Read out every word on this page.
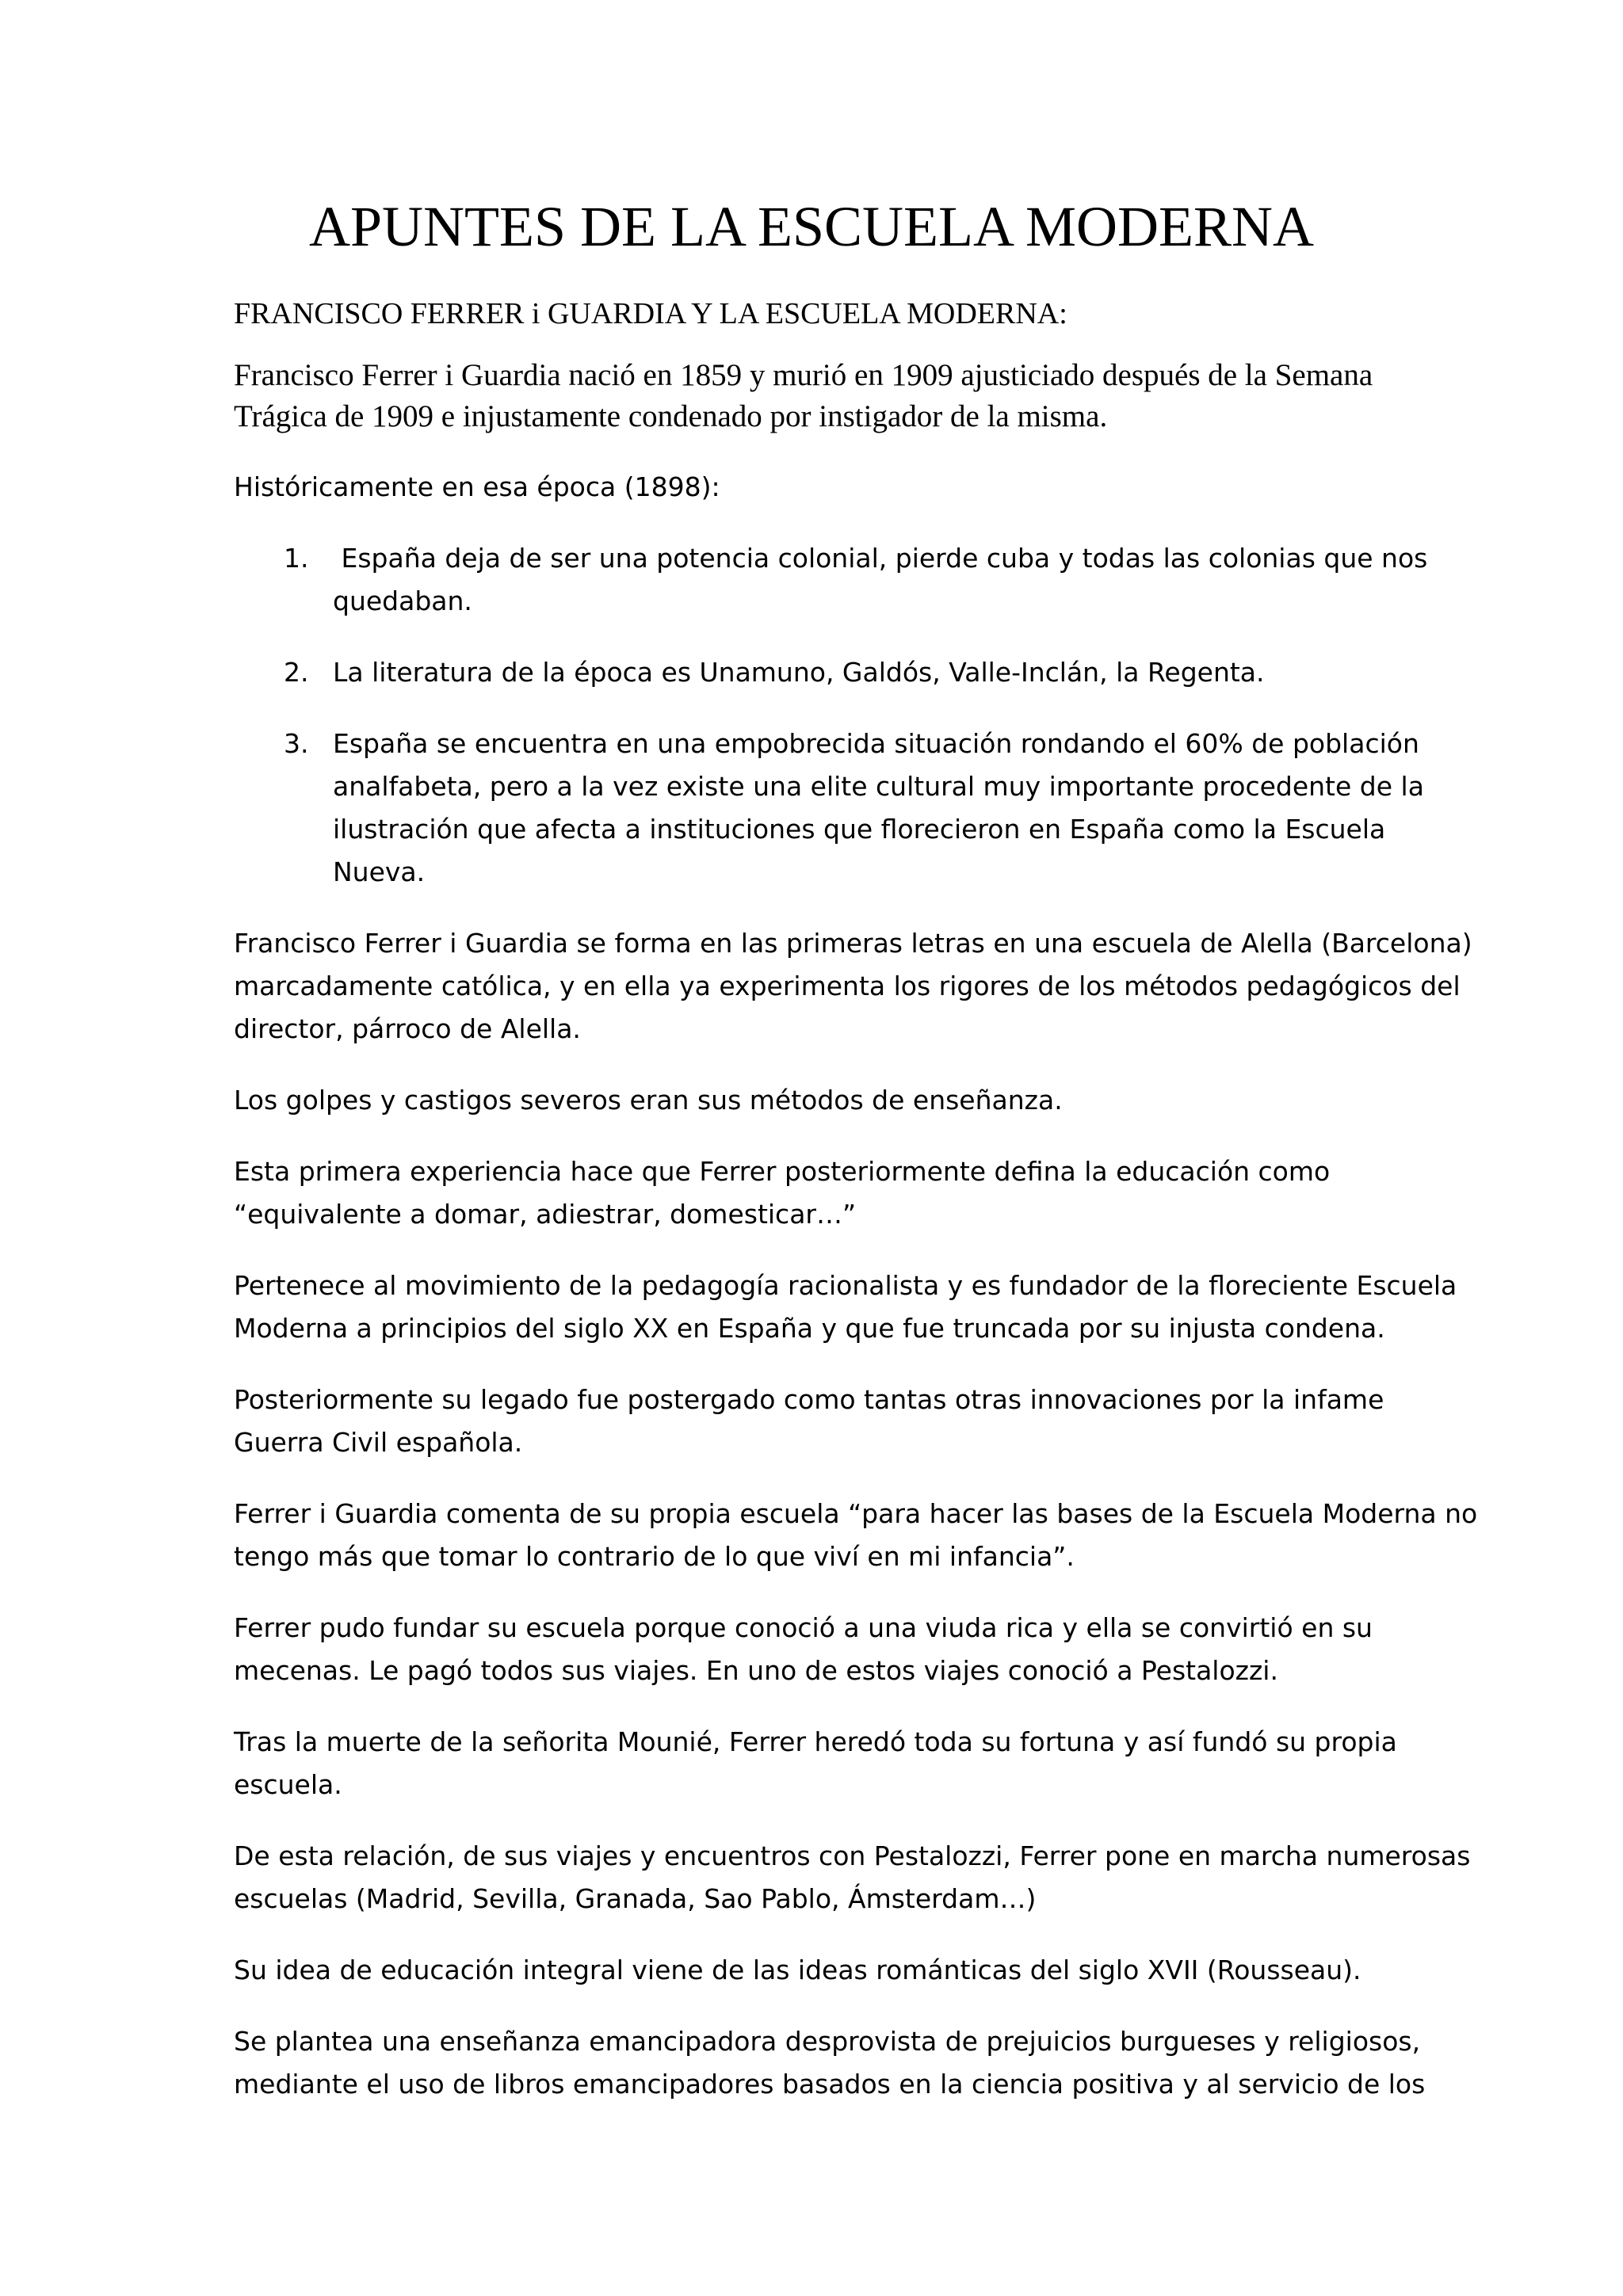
APUNTES DE LA ESCUELA MODERNA
FRANCISCO FERRER i GUARDIA Y LA ESCUELA MODERNA:
Francisco Ferrer i Guardia nació en 1859 y murió en 1909 ajusticiado después de la Semana
Trágica de 1909 e injustamente condenado por instigador de la misma.

Históricamente en esa época (1898):

1. España deja de ser una potencia colonial, pierde cuba y todas las colonias que nos
quedaban.
2. La literatura de la época es Unamuno, Galdós, Valle-Inclán, la Regenta.
3. España se encuentra en una empobrecida situación rondando el 60% de población
analfabeta, pero a la vez existe una elite cultural muy importante procedente de la
ilustración que afecta a instituciones que florecieron en España como la Escuela
Nueva.

Francisco Ferrer i Guardia se forma en las primeras letras en una escuela de Alella (Barcelona)
marcadamente católica, y en ella ya experimenta los rigores de los métodos pedagógicos del
director, párroco de Alella.

Los golpes y castigos severos eran sus métodos de enseñanza.

Esta primera experiencia hace que Ferrer posteriormente defina la educación como
“equivalente a domar, adiestrar, domesticar…”

Pertenece al movimiento de la pedagogía racionalista y es fundador de la floreciente Escuela
Moderna a principios del siglo XX en España y que fue truncada por su injusta condena.

Posteriormente su legado fue postergado como tantas otras innovaciones por la infame
Guerra Civil española.

Ferrer i Guardia comenta de su propia escuela “para hacer las bases de la Escuela Moderna no
tengo más que tomar lo contrario de lo que viví en mi infancia”.

Ferrer pudo fundar su escuela porque conoció a una viuda rica y ella se convirtió en su
mecenas. Le pagó todos sus viajes. En uno de estos viajes conoció a Pestalozzi.

Tras la muerte de la señorita Mounié, Ferrer heredó toda su fortuna y así fundó su propia
escuela.

De esta relación, de sus viajes y encuentros con Pestalozzi, Ferrer pone en marcha numerosas
escuelas (Madrid, Sevilla, Granada, Sao Pablo, Ámsterdam…)

Su idea de educación integral viene de las ideas románticas del siglo XVII (Rousseau).

Se plantea una enseñanza emancipadora desprovista de prejuicios burgueses y religiosos,
mediante el uso de libros emancipadores basados en la ciencia positiva y al servicio de los
